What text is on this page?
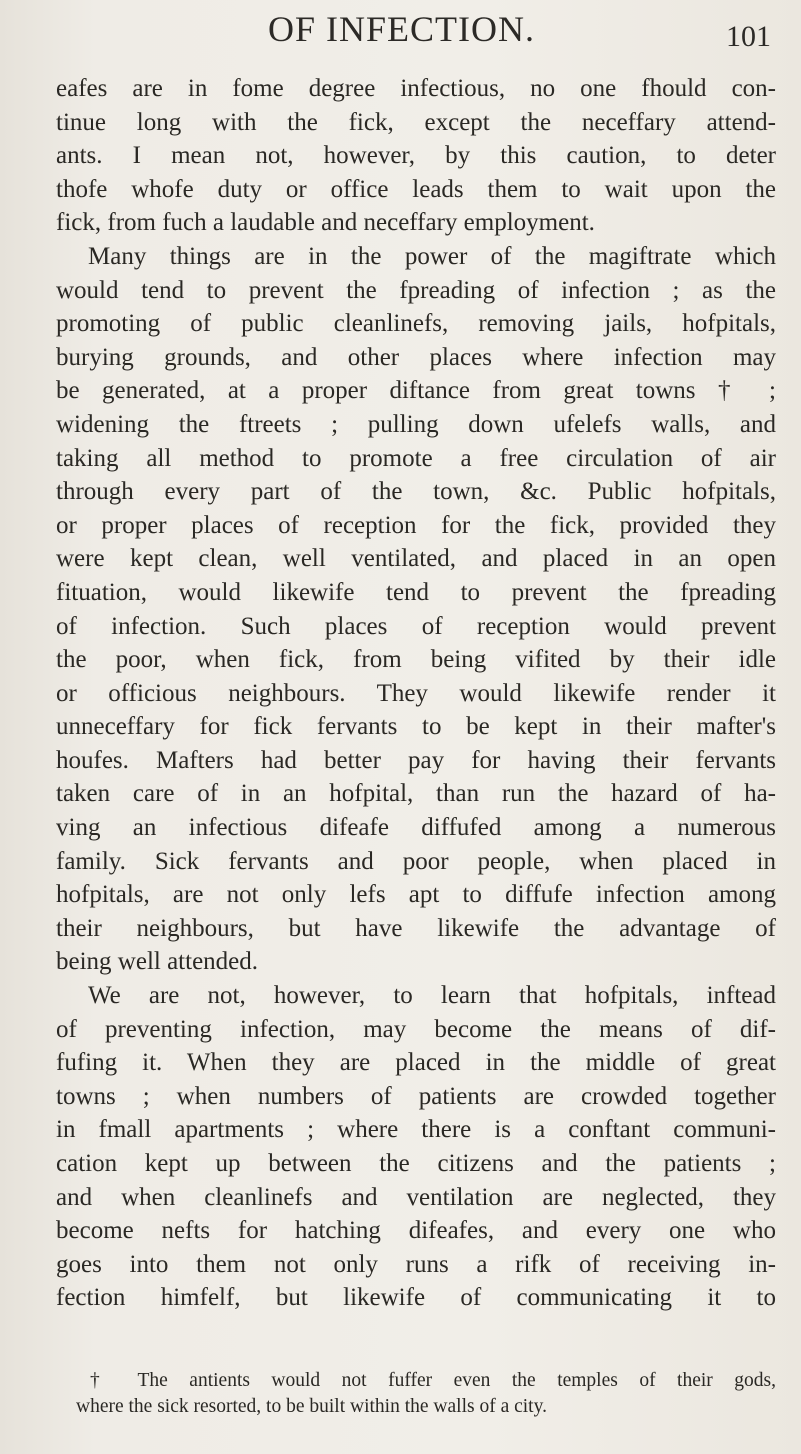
OF INFECTION.	101
eafes are in fome degree infectious, no one fhould con-
tinue long with the fick, except the neceffary attend-
ants. I mean not, however, by this caution, to deter
thofe whofe duty or office leads them to wait upon the
fick, from fuch a laudable and neceffary employment.
Many things are in the power of the magiftrate which
would tend to prevent the fpreading of infection ; as the
promoting of public cleanlinefs, removing jails, hofpitals,
burying grounds, and other places where infection may
be generated, at a proper diftance from great towns † ;
widening the ftreets ; pulling down ufelefs walls, and
taking all method to promote a free circulation of air
through every part of the town, &c. Public hofpitals,
or proper places of reception for the fick, provided they
were kept clean, well ventilated, and placed in an open
fituation, would likewife tend to prevent the fpreading
of infection. Such places of reception would prevent
the poor, when fick, from being vifited by their idle
or officious neighbours. They would likewife render it
unneceffary for fick fervants to be kept in their mafter's
houfes. Mafters had better pay for having their fervants
taken care of in an hofpital, than run the hazard of ha-
ving an infectious difeafe diffufed among a numerous
family. Sick fervants and poor people, when placed in
hofpitals, are not only lefs apt to diffufe infection among
their neighbours, but have likewife the advantage of
being well attended.
We are not, however, to learn that hofpitals, inftead
of preventing infection, may become the means of dif-
fufing it. When they are placed in the middle of great
towns ; when numbers of patients are crowded together
in fmall apartments ; where there is a conftant communi-
cation kept up between the citizens and the patients ;
and when cleanlinefs and ventilation are neglected, they
become nefts for hatching difeafes, and every one who
goes into them not only runs a rifk of receiving in-
fection himfelf, but likewife of communicating it to
† The antients would not fuffer even the temples of their gods,
where the sick resorted, to be built within the walls of a city.
